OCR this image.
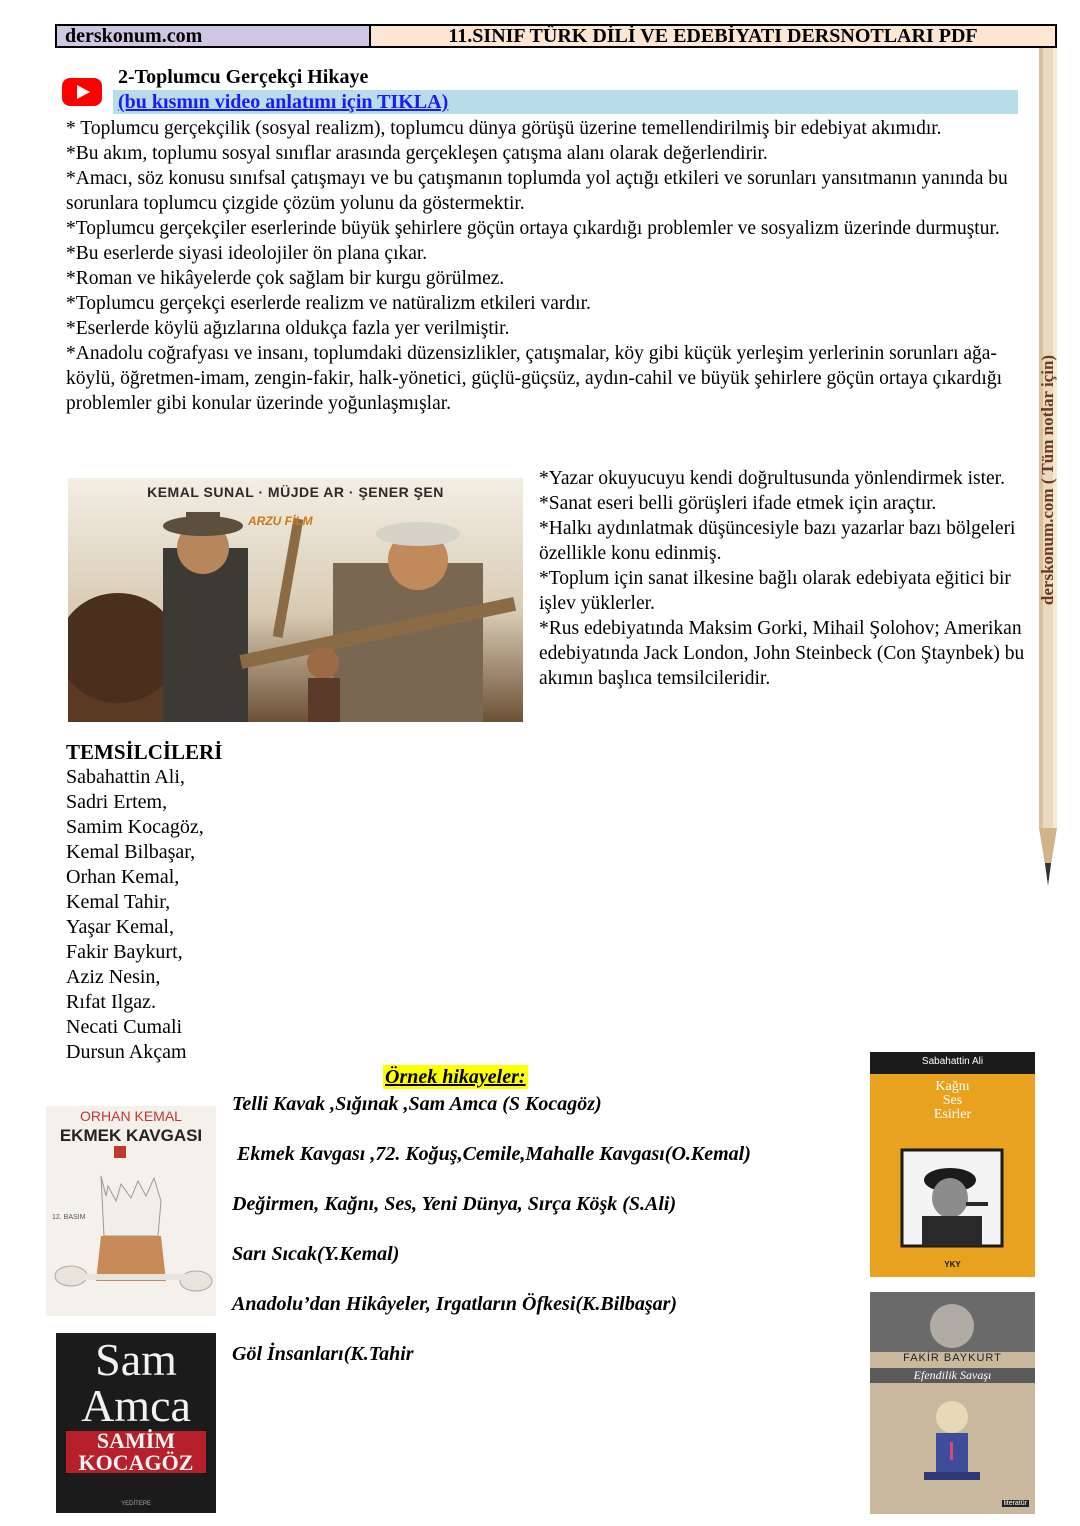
derskonum.com	11.SINIF TÜRK DİLİ VE EDEBİYATI DERSNOTLARI PDF
2-Toplumcu Gerçekçi Hikaye
(bu kısmın video anlatımı için TIKLA)

* Toplumcu gerçekçilik (sosyal realizm), toplumcu dünya görüşü üzerine temellendirilmiş bir edebiyat akımıdır.

*Bu akım, toplumu sosyal sınıflar arasında gerçekleşen çatışma alanı olarak değerlendirir.

*Amacı, söz konusu sınıfsal çatışmayı ve bu çatışmanın toplumda yol açtığı etkileri ve sorunları yansıtmanın yanında bu sorunlara toplumcu çizgide çözüm yolunu da göstermektir.

*Toplumcu gerçekçiler eserlerinde büyük şehirlere göçün ortaya çıkardığı problemler ve sosyalizm üzerinde durmuştur.

*Bu eserlerde siyasi ideolojiler ön plana çıkar.

*Roman ve hikâyelerde çok sağlam bir kurgu görülmez.

*Toplumcu gerçekçi eserlerde realizm ve natüralizm etkileri vardır.

*Eserlerde köylü ağızlarına oldukça fazla yer verilmiştir.

*Anadolu coğrafyası ve insanı, toplumdaki düzensizlikler, çatışmalar, köy gibi küçük yerleşim yerlerinin sorunları ağa-köylü, öğretmen-imam, zengin-fakir, halk-yönetici, güçlü-güçsüz, aydın-cahil ve büyük şehirlere göçün ortaya çıkardığı problemler gibi konular üzerinde yoğunlaşmışlar.

KEMAL SUNAL · MÜJDE AR · ŞENER ŞEN
ARZU FİLM

*Yazar okuyucuyu kendi doğrultusunda yönlendirmek ister.

*Sanat eseri belli görüşleri ifade etmek için araçtır.

*Halkı aydınlatmak düşüncesiyle bazı yazarlar bazı bölgeleri özellikle konu edinmiş.

*Toplum için sanat ilkesine bağlı olarak edebiyata eğitici bir işlev yüklerler.

*Rus edebiyatında Maksim Gorki, Mihail Şolohov; Amerikan edebiyatında Jack London, John Steinbeck (Con Ştaynbek) bu akımın başlıca temsilcileridir.

TEMSİLCİLERİ
Sabahattin Ali,
Sadri Ertem,
Samim Kocagöz,
Kemal Bilbaşar,
Orhan Kemal,
Kemal Tahir,
Yaşar Kemal,
Fakir Baykurt,
Aziz Nesin,
Rıfat Ilgaz.
Necati Cumali
Dursun Akçam
Örnek hikayeler:
Telli Kavak ,Sığınak ,Sam Amca (S Kocagöz)
Ekmek Kavgası ,72. Koğuş,Cemile,Mahalle Kavgası(O.Kemal)
Değirmen, Kağnı, Ses, Yeni Dünya, Sırça Köşk (S.Ali)
Sarı Sıcak(Y.Kemal)
Anadolu’dan Hikâyeler, Irgatların Öfkesi(K.Bilbaşar)
Göl İnsanları(K.Tahir
derskonum.com ( Tüm notlar için)
ORHAN KEMAL
EKMEK KAVGASI
12. BASIM
Sam
Amca
SAMİM
KOCAGÖZ
YEDİTEPE
Sabahattin Ali
Kağnı
Ses
Esirler
YKY
FAKİR BAYKURT
Efendilik Savaşı
literatür
